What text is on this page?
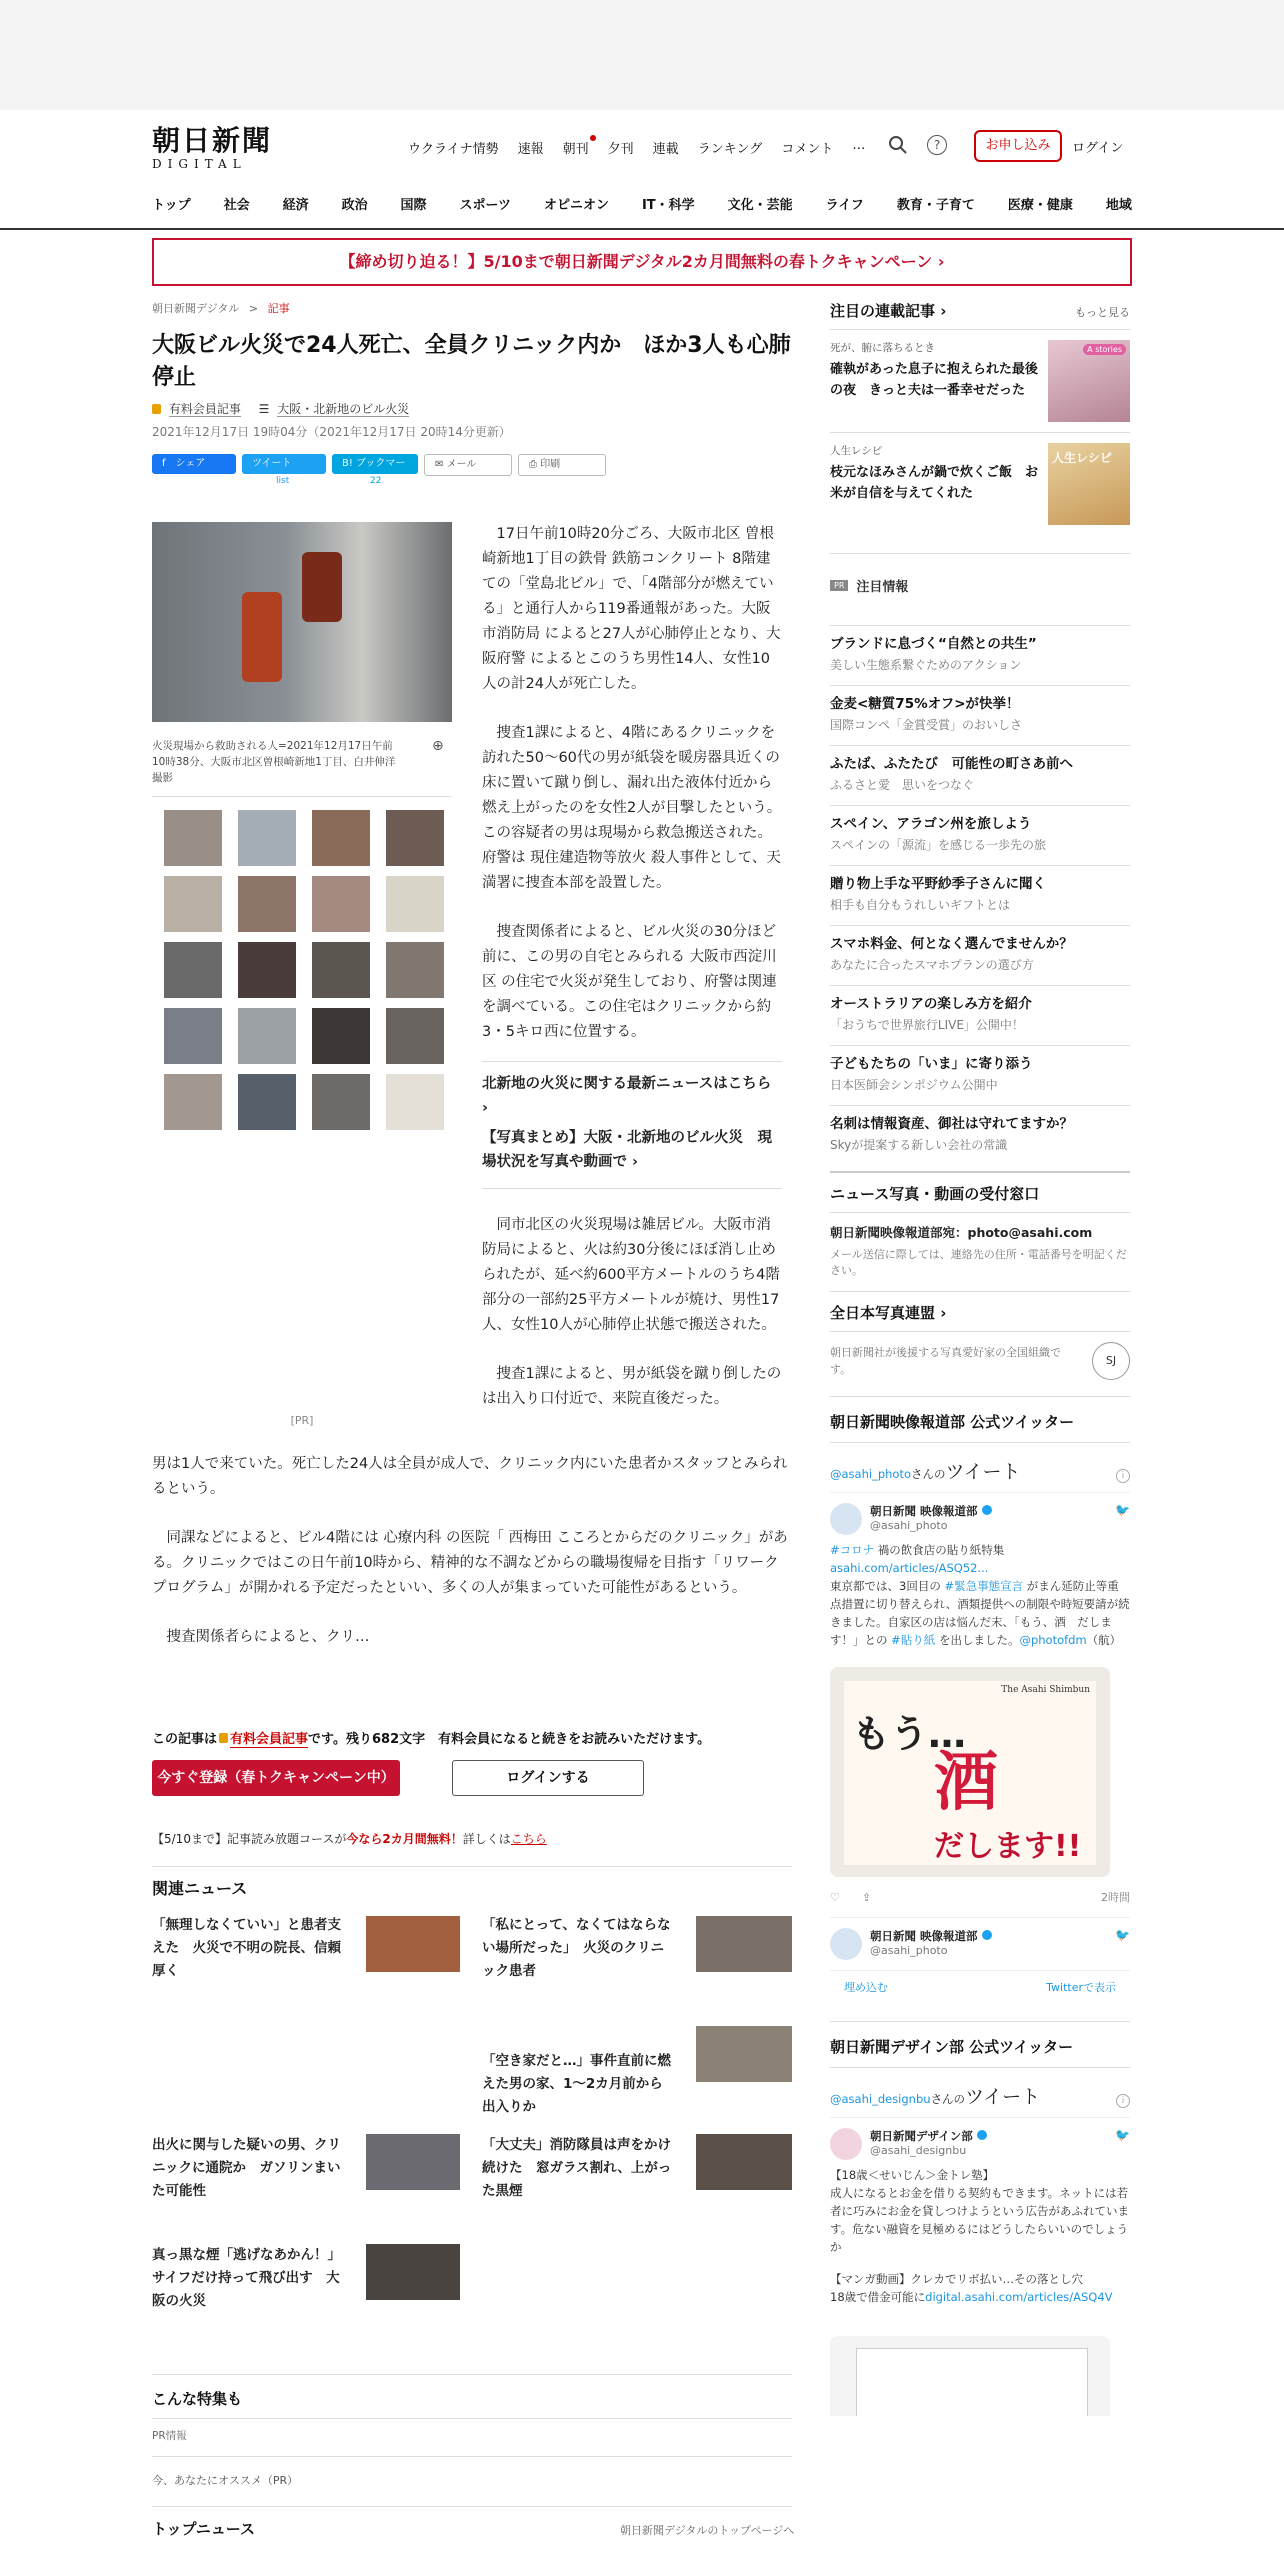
朝日新聞
DIGITAL
ウクライナ情勢 速報 朝刊 夕刊 連載 ランキング コメント …	?	お申し込み	ログイン
トップ	社会	経済	政治	国際	スポーツ	オピニオン	IT・科学	文化・芸能	ライフ	教育・子育て	医療・健康	地域
【締め切り迫る！】5/10まで朝日新聞デジタル2カ月間無料の春トクキャンペーン ›
朝日新聞デジタル > 記事
大阪ビル火災で24人死亡、全員クリニック内か　ほか3人も心肺停止
有料会員記事 ☰ 大阪・北新地のビル火災
2021年12月17日 19時04分（2021年12月17日 20時14分更新）
f　シェア	ツイート
list
B! ブックマーク	22
✉ メール	⎙ 印刷
火災現場から救助される人=2021年12月17日午前10時38分、大阪市北区曽根崎新地1丁目、白井伸洋撮影
⊕
[PR]

17日午前10時20分ごろ、大阪市北区 曽根崎新地1丁目の鉄骨 鉄筋コンクリート 8階建ての「堂島北ビル」で、「4階部分が燃えている」と通行人から119番通報があった。大阪市消防局 によると27人が心肺停止となり、大阪府警 によるとこのうち男性14人、女性10人の計24人が死亡した。

捜査1課によると、4階にあるクリニックを訪れた50～60代の男が紙袋を暖房器具近くの床に置いて蹴り倒し、漏れ出た液体付近から燃え上がったのを女性2人が目撃したという。この容疑者の男は現場から救急搬送された。府警は 現住建造物等放火 殺人事件として、天満署に捜査本部を設置した。

捜査関係者によると、ビル火災の30分ほど前に、この男の自宅とみられる 大阪市西淀川区 の住宅で火災が発生しており、府警は関連を調べている。この住宅はクリニックから約3・5キロ西に位置する。

北新地の火災に関する最新ニュースはこちら ›
【写真まとめ】大阪・北新地のビル火災　現場状況を写真や動画で ›

同市北区の火災現場は雑居ビル。大阪市消防局によると、火は約30分後にほぼ消し止められたが、延べ約600平方メートルのうち4階部分の一部約25平方メートルが焼け、男性17人、女性10人が心肺停止状態で搬送された。

捜査1課によると、男が紙袋を蹴り倒したのは出入り口付近で、来院直後だった。

男は1人で来ていた。死亡した24人は全員が成人で、クリニック内にいた患者かスタッフとみられるという。

同課などによると、ビル4階には 心療内科 の医院「 西梅田 こころとからだのクリニック」がある。クリニックではこの日午前10時から、精神的な不調などからの職場復帰を目指す「リワークプログラム」が開かれる予定だったといい、多くの人が集まっていた可能性があるという。

捜査関係者らによると、クリ…

この記事は 有料会員記事です。残り682文字　有料会員になると続きをお読みいただけます。
今すぐ登録（春トクキャンペーン中）	ログインする
【5/10まで】記事読み放題コースが今なら2カ月間無料！詳しくはこちら
関連ニュース
「無理しなくていい」と患者支えた　火災で不明の院長、信頼厚く
「私にとって、なくてはならない場所だった」　火災のクリニック患者
「空き家だと…」事件直前に燃えた男の家、1～2カ月前から出入りか
出火に関与した疑いの男、クリニックに通院か　ガソリンまいた可能性
「大丈夫」消防隊員は声をかけ続けた　窓ガラス割れ、上がった黒煙
真っ黒な煙「逃げなあかん！」サイフだけ持って飛び出す　大阪の火災
こんな特集も
PR情報
今、あなたにオススメ（PR）
トップニュース	朝日新聞デジタルのトップページへ
注目の連載記事 ›	もっと見る
死が、腑に落ちるとき
確執があった息子に抱えられた最後の夜　きっと夫は一番幸せだった
A stories
人生レシピ
枝元なほみさんが鍋で炊くご飯　お米が自信を与えてくれた
人生レシピ
PR 注目情報
ブランドに息づく“自然との共生”
美しい生態系繋ぐためのアクション
金麦<糖質75%オフ>が快挙！
国際コンペ「金賞受賞」のおいしさ
ふたば、ふたたび　可能性の町さあ前へ
ふるさと愛　思いをつなぐ
スペイン、アラゴン州を旅しよう
スペインの「源流」を感じる一歩先の旅
贈り物上手な平野紗季子さんに聞く
相手も自分もうれしいギフトとは
スマホ料金、何となく選んでませんか？
あなたに合ったスマホプランの選び方
オーストラリアの楽しみ方を紹介
「おうちで世界旅行LIVE」公開中！
子どもたちの「いま」に寄り添う
日本医師会シンポジウム公開中
名刺は情報資産、御社は守れてますか？
Skyが提案する新しい会社の常識
ニュース写真・動画の受付窓口
朝日新聞映像報道部宛：photo@asahi.com
メール送信に際しては、連絡先の住所・電話番号を明記ください。
全日本写真連盟 ›
朝日新聞社が後援する写真愛好家の全国組織です。
SJ
朝日新聞映像報道部 公式ツイッター
@asahi_photoさんのツイート	i
朝日新聞 映像報道部
@asahi_photo
🐦
#コロナ 禍の飲食店の貼り紙特集
asahi.com/articles/ASQ52...
東京都では、3回目の #緊急事態宣言 がまん延防止等重点措置に切り替えられ、酒類提供への制限や時短要請が続きました。自家区の店は悩んだ末、「もう、酒　だします！」との #貼り紙 を出しました。@photofdm（航）
もう…
酒
だします!!
The Asahi Shimbun
♡　　 ⇪	2時間
朝日新聞 映像報道部
@asahi_photo
🐦
埋め込む	Twitterで表示
朝日新聞デザイン部 公式ツイッター
@asahi_designbuさんのツイート	i
朝日新聞デザイン部
@asahi_designbu
🐦
【18歳＜せいじん＞金トレ塾】
成人になるとお金を借りる契約もできます。ネットには若者に巧みにお金を貸しつけようという広告があふれています。危ない融資を見極めるにはどうしたらいいのでしょうか
【マンガ動画】クレカでリボ払い…その落とし穴
18歳で借金可能にdigital.asahi.com/articles/ASQ4V
